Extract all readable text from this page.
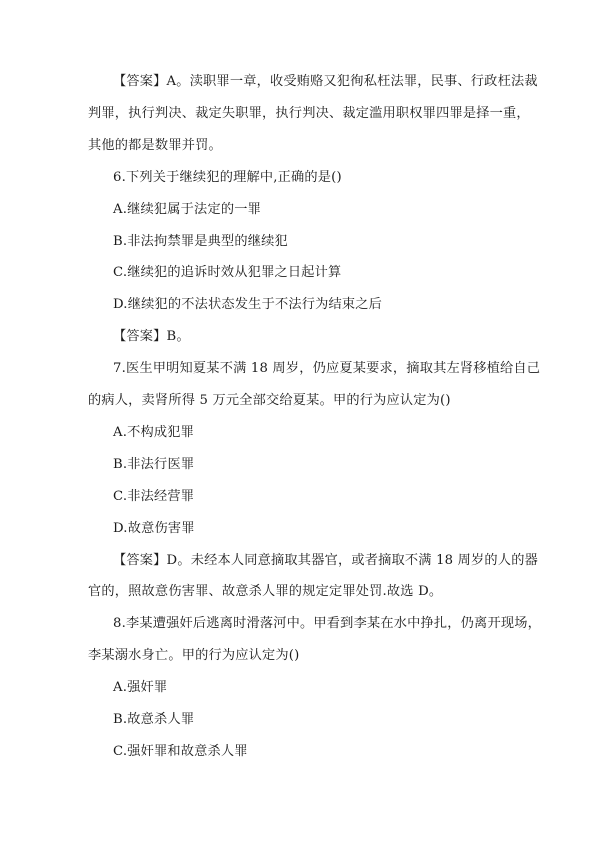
【答案】A。渎职罪一章，收受贿赂又犯徇私枉法罪，民事、行政枉法裁
判罪，执行判决、裁定失职罪，执行判决、裁定滥用职权罪四罪是择一重，
其他的都是数罪并罚。
6.下列关于继续犯的理解中,正确的是()
A.继续犯属于法定的一罪
B.非法拘禁罪是典型的继续犯
C.继续犯的追诉时效从犯罪之日起计算
D.继续犯的不法状态发生于不法行为结束之后
【答案】B。
7.医生甲明知夏某不满 18 周岁，仍应夏某要求，摘取其左肾移植给自己
的病人，卖肾所得 5 万元全部交给夏某。甲的行为应认定为()
A.不构成犯罪
B.非法行医罪
C.非法经营罪
D.故意伤害罪
【答案】D。未经本人同意摘取其器官，或者摘取不满 18 周岁的人的器
官的，照故意伤害罪、故意杀人罪的规定定罪处罚.故选 D。
8.李某遭强奸后逃离时滑落河中。甲看到李某在水中挣扎，仍离开现场，
李某溺水身亡。甲的行为应认定为()
A.强奸罪
B.故意杀人罪
C.强奸罪和故意杀人罪
